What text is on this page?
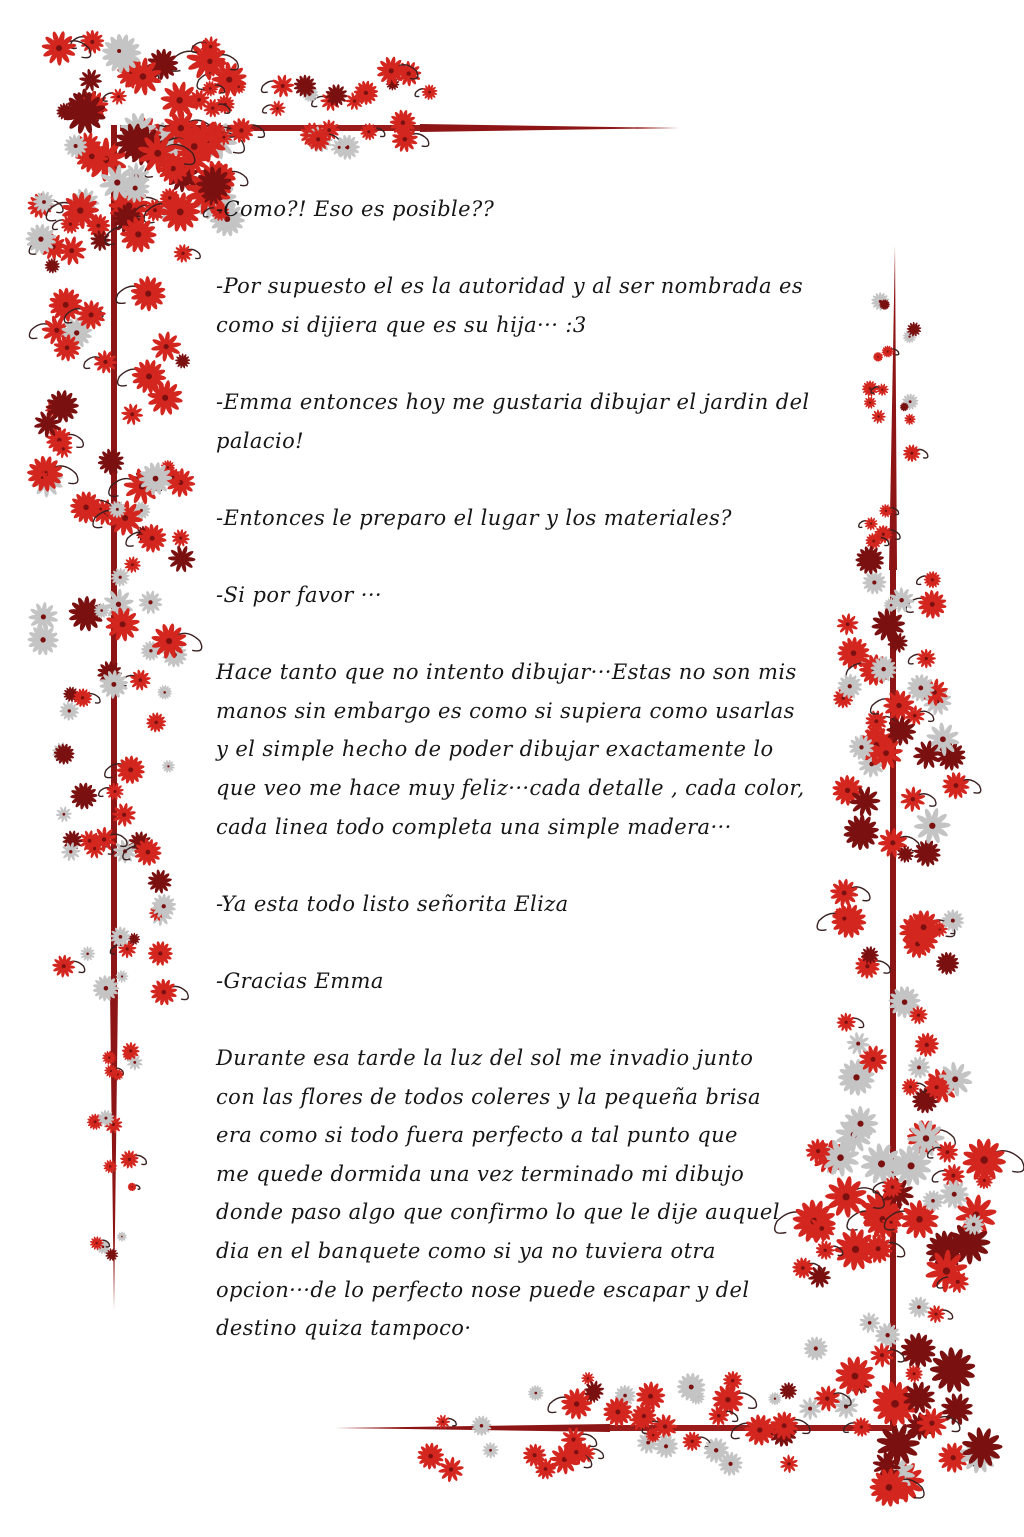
-Como?! Eso es posible??
-Por supuesto el es la autoridad y al ser nombrada es
como si dijiera que es su hija··· :3
-Emma entonces hoy me gustaria dibujar el jardin del
palacio!
-Entonces le preparo el lugar y los materiales?
-Si por favor ···
Hace tanto que no intento dibujar···Estas no son mis
manos sin embargo es como si supiera como usarlas
y el simple hecho de poder dibujar exactamente lo
que veo me hace muy feliz···cada detalle , cada color,
cada linea todo completa una simple madera···
-Ya esta todo listo señorita Eliza
-Gracias Emma
Durante esa tarde la luz del sol me invadio junto
con las flores de todos coleres y la pequeña brisa
era como si todo fuera perfecto a tal punto que
me quede dormida una vez terminado mi dibujo
donde paso algo que confirmo lo que le dije auquel
dia en el banquete como si ya no tuviera otra
opcion···de lo perfecto nose puede escapar y del
destino quiza tampoco·
